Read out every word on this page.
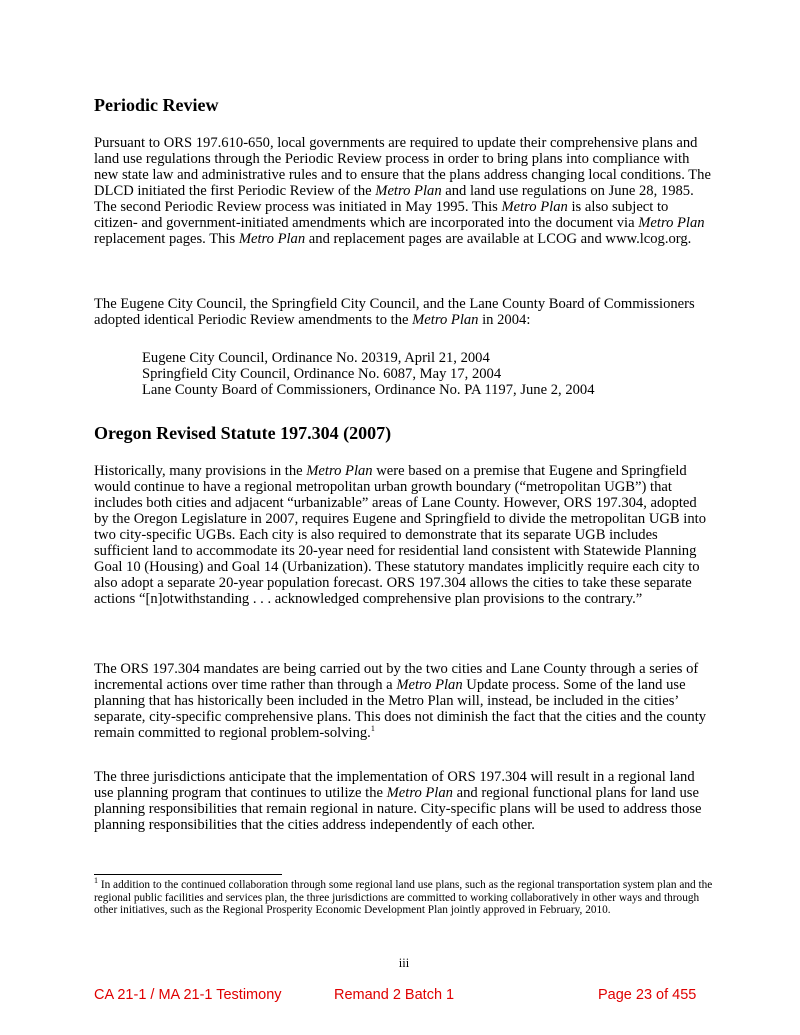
Periodic Review

Pursuant to ORS 197.610-650, local governments are required to update their comprehensive plans and land use regulations through the Periodic Review process in order to bring plans into compliance with new state law and administrative rules and to ensure that the plans address changing local conditions. The DLCD initiated the first Periodic Review of the Metro Plan and land use regulations on June 28, 1985. The second Periodic Review process was initiated in May 1995. This Metro Plan is also subject to citizen- and government-initiated amendments which are incorporated into the document via Metro Plan replacement pages. This Metro Plan and replacement pages are available at LCOG and www.lcog.org.

The Eugene City Council, the Springfield City Council, and the Lane County Board of Commissioners adopted identical Periodic Review amendments to the Metro Plan in 2004:

Eugene City Council, Ordinance No. 20319, April 21, 2004
Springfield City Council, Ordinance No. 6087, May 17, 2004
Lane County Board of Commissioners, Ordinance No. PA 1197, June 2, 2004
Oregon Revised Statute 197.304 (2007)

Historically, many provisions in the Metro Plan were based on a premise that Eugene and Springfield would continue to have a regional metropolitan urban growth boundary (“metropolitan UGB”) that includes both cities and adjacent “urbanizable” areas of Lane County. However, ORS 197.304, adopted by the Oregon Legislature in 2007, requires Eugene and Springfield to divide the metropolitan UGB into two city-specific UGBs. Each city is also required to demonstrate that its separate UGB includes sufficient land to accommodate its 20-year need for residential land consistent with Statewide Planning Goal 10 (Housing) and Goal 14 (Urbanization). These statutory mandates implicitly require each city to also adopt a separate 20-year population forecast. ORS 197.304 allows the cities to take these separate actions “[n]otwithstanding . . . acknowledged comprehensive plan provisions to the contrary.”

The ORS 197.304 mandates are being carried out by the two cities and Lane County through a series of incremental actions over time rather than through a Metro Plan Update process. Some of the land use planning that has historically been included in the Metro Plan will, instead, be included in the cities’ separate, city-specific comprehensive plans. This does not diminish the fact that the cities and the county remain committed to regional problem-solving.$^1$

The three jurisdictions anticipate that the implementation of ORS 197.304 will result in a regional land use planning program that continues to utilize the Metro Plan and regional functional plans for land use planning responsibilities that remain regional in nature. City-specific plans will be used to address those planning responsibilities that the cities address independently of each other.

$^1$ In addition to the continued collaboration through some regional land use plans, such as the regional transportation system plan and the regional public facilities and services plan, the three jurisdictions are committed to working collaboratively in other ways and through other initiatives, such as the Regional Prosperity Economic Development Plan jointly approved in February, 2010.
iii
CA 21-1 / MA 21-1 Testimony	Remand 2 Batch 1	Page 23 of 455
